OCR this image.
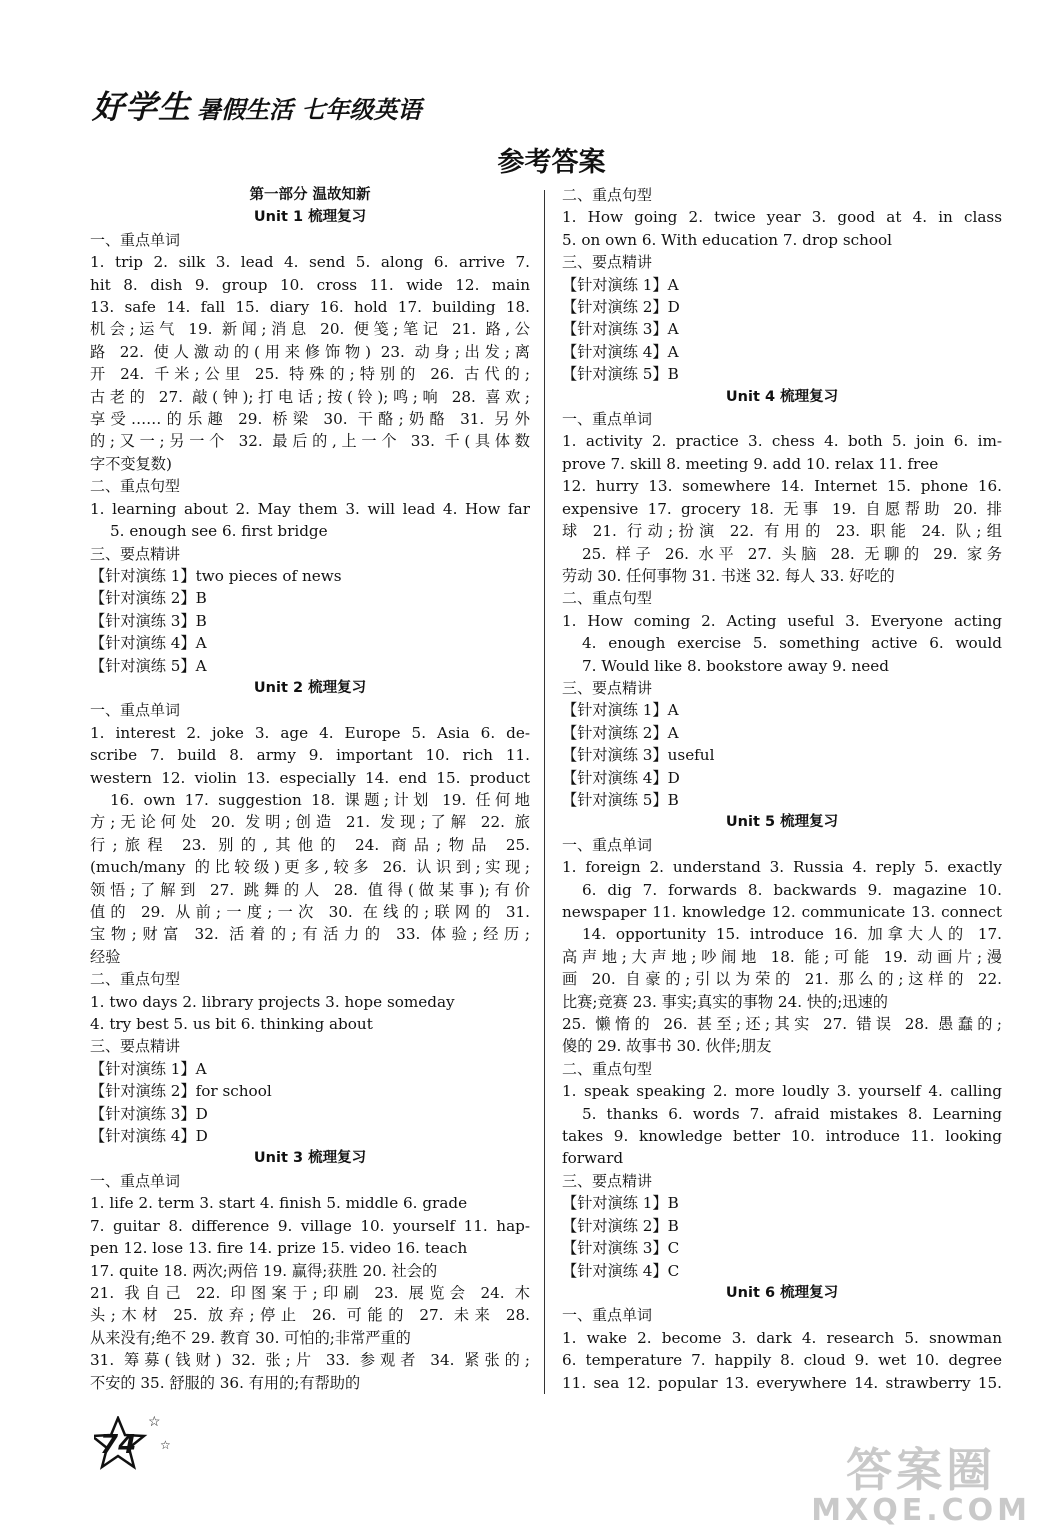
好学生 暑假生活 七年级英语
参考答案
第一部分 温故知新
Unit 1 梳理复习
一、重点单词
1. trip 2. silk 3. lead 4. send 5. along 6. arrive 7.
hit 8. dish 9. group 10. cross 11. wide 12. main
13. safe 14. fall 15. diary 16. hold 17. building 18.
机会;运气 19. 新闻;消息 20. 便笺;笔记 21. 路,公
路 22. 使人激动的(用来修饰物) 23. 动身;出发;离
开 24. 千米;公里 25. 特殊的;特别的 26. 古代的;
古老的 27. 敲(钟);打电话;按(铃);鸣;响 28. 喜欢;
享受……的乐趣 29. 桥梁 30. 干酪;奶酪 31. 另外
的;又一;另一个 32. 最后的,上一个 33. 千(具体数
字不变复数)
二、重点句型
1. learning about 2. May them 3. will lead 4. How far
5. enough see 6. first bridge
三、要点精讲
【针对演练 1】two pieces of news
【针对演练 2】B
【针对演练 3】B
【针对演练 4】A
【针对演练 5】A
Unit 2 梳理复习
一、重点单词
1. interest 2. joke 3. age 4. Europe 5. Asia 6. de-
scribe 7. build 8. army 9. important 10. rich 11.
western 12. violin 13. especially 14. end 15. product
16. own 17. suggestion 18. 课题;计划 19. 任何地
方;无论何处 20. 发明;创造 21. 发现;了解 22. 旅
行;旅程 23. 别的,其他的 24. 商品;物品 25.
(much/many 的比较级)更多,较多 26. 认识到;实现;
领悟;了解到 27. 跳舞的人 28. 值得(做某事);有价
值的 29. 从前;一度;一次 30. 在线的;联网的 31.
宝物;财富 32. 活着的;有活力的 33. 体验;经历;
经验
二、重点句型
1. two days 2. library projects 3. hope someday
4. try best 5. us bit 6. thinking about
三、要点精讲
【针对演练 1】A
【针对演练 2】for school
【针对演练 3】D
【针对演练 4】D
Unit 3 梳理复习
一、重点单词
1. life 2. term 3. start 4. finish 5. middle 6. grade
7. guitar 8. difference 9. village 10. yourself 11. hap-
pen 12. lose 13. fire 14. prize 15. video 16. teach
17. quite 18. 两次;两倍 19. 赢得;获胜 20. 社会的
21. 我自己 22. 印图案于;印刷 23. 展览会 24. 木
头;木材 25. 放弃;停止 26. 可能的 27. 未来 28.
从来没有;绝不 29. 教育 30. 可怕的;非常严重的
31. 筹募(钱财) 32. 张;片 33. 参观者 34. 紧张的;
不安的 35. 舒服的 36. 有用的;有帮助的
二、重点句型
1. How going 2. twice year 3. good at 4. in class
5. on own 6. With education 7. drop school
三、要点精讲
【针对演练 1】A
【针对演练 2】D
【针对演练 3】A
【针对演练 4】A
【针对演练 5】B
Unit 4 梳理复习
一、重点单词
1. activity 2. practice 3. chess 4. both 5. join 6. im-
prove 7. skill 8. meeting 9. add 10. relax 11. free
12. hurry 13. somewhere 14. Internet 15. phone 16.
expensive 17. grocery 18. 无事 19. 自愿帮助 20. 排
球 21. 行动;扮演 22. 有用的 23. 职能 24. 队;组
25. 样子 26. 水平 27. 头脑 28. 无聊的 29. 家务
劳动 30. 任何事物 31. 书迷 32. 每人 33. 好吃的
二、重点句型
1. How coming 2. Acting useful 3. Everyone acting
4. enough exercise 5. something active 6. would
7. Would like 8. bookstore away 9. need
三、要点精讲
【针对演练 1】A
【针对演练 2】A
【针对演练 3】useful
【针对演练 4】D
【针对演练 5】B
Unit 5 梳理复习
一、重点单词
1. foreign 2. understand 3. Russia 4. reply 5. exactly
6. dig 7. forwards 8. backwards 9. magazine 10.
newspaper 11. knowledge 12. communicate 13. connect
14. opportunity 15. introduce 16. 加拿大人的 17.
高声地;大声地;吵闹地 18. 能;可能 19. 动画片;漫
画 20. 自豪的;引以为荣的 21. 那么的;这样的 22.
比赛;竞赛 23. 事实;真实的事物 24. 快的;迅速的
25. 懒惰的 26. 甚至;还;其实 27. 错误 28. 愚蠢的;
傻的 29. 故事书 30. 伙伴;朋友
二、重点句型
1. speak speaking 2. more loudly 3. yourself 4. calling
5. thanks 6. words 7. afraid mistakes 8. Learning
takes 9. knowledge better 10. introduce 11. looking
forward
三、要点精讲
【针对演练 1】B
【针对演练 2】B
【针对演练 3】C
【针对演练 4】C
Unit 6 梳理复习
一、重点单词
1. wake 2. become 3. dark 4. research 5. snowman
6. temperature 7. happily 8. cloud 9. wet 10. degree
11. sea 12. popular 13. everywhere 14. strawberry 15.
74
☆
☆	答案圈
MXQE.COM
